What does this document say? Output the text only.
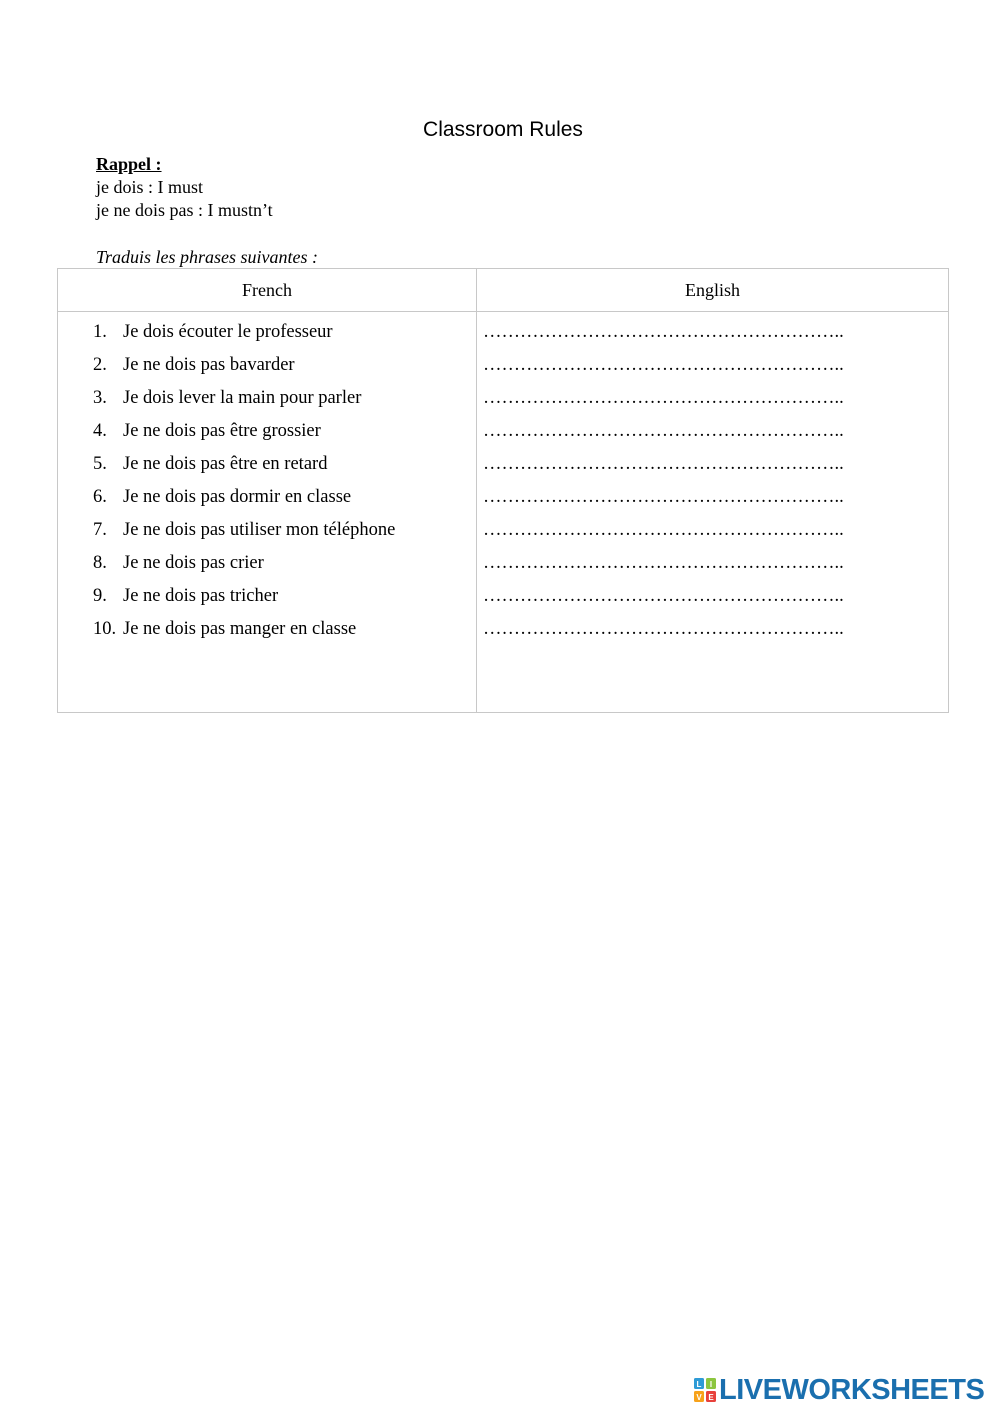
Classroom Rules
Rappel :
je dois : I must
je ne dois pas : I mustn’t
Traduis les phrases suivantes :
French	English
1. Je dois écouter le professeur
2. Je ne dois pas bavarder
3. Je dois lever la main pour parler
4. Je ne dois pas être grossier
5. Je ne dois pas être en retard
6. Je ne dois pas dormir en classe
7. Je ne dois pas utiliser mon téléphone
8. Je ne dois pas crier
9. Je ne dois pas tricher
10. Je ne dois pas manger en classe
…………………………………………………..
…………………………………………………..
…………………………………………………..
…………………………………………………..
…………………………………………………..
…………………………………………………..
…………………………………………………..
…………………………………………………..
…………………………………………………..
…………………………………………………..
L I
V E LIVEWORKSHEETS
